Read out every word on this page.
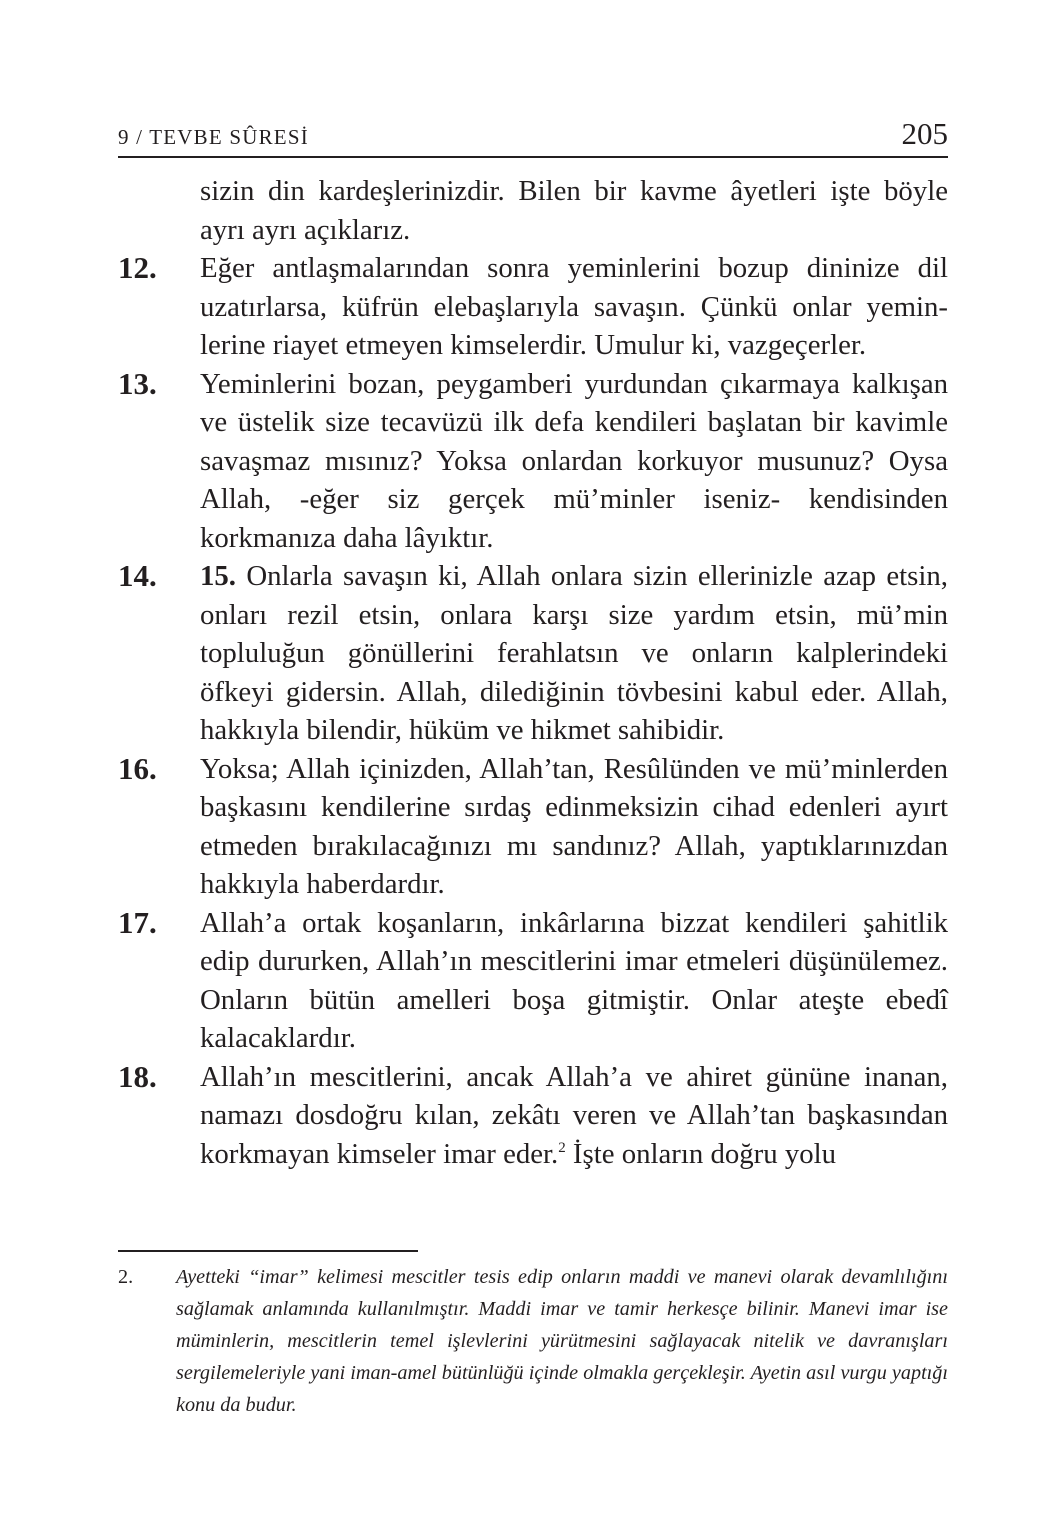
9 / TEVBE SÛRESİ	205

sizin din kardeşlerinizdir. Bilen bir kavme âyetleri işte böyle ayrı ayrı açıklarız.

12. Eğer antlaşmalarından sonra yeminlerini bozup dininize dil uzatırlarsa, küfrün elebaşlarıyla savaşın. Çünkü onlar yeminlerine riayet etmeyen kimselerdir. Umulur ki, vazgeçerler.

13. Yeminlerini bozan, peygamberi yurdundan çıkarmaya kalkışan ve üstelik size tecavüzü ilk defa kendileri başlatan bir kavimle savaşmaz mısınız? Yoksa onlardan korkuyor musunuz? Oysa Allah, -eğer siz gerçek mü’minler iseniz- kendisinden korkmanıza daha lâyıktır.

14. 15. Onlarla savaşın ki, Allah onlara sizin ellerinizle azap etsin, onları rezil etsin, onlara karşı size yardım etsin, mü’min topluluğun gönüllerini ferahlatsın ve onların kalplerindeki öfkeyi gidersin. Allah, dilediğinin tövbesini kabul eder. Allah, hakkıyla bilendir, hüküm ve hikmet sahibidir.

16. Yoksa; Allah içinizden, Allah’tan, Resûlünden ve mü’minlerden başkasını kendilerine sırdaş edinmeksizin cihad edenleri ayırt etmeden bırakılacağınızı mı sandınız? Allah, yaptıklarınızdan hakkıyla haberdardır.

17. Allah’a ortak koşanların, inkârlarına bizzat kendileri şahitlik edip dururken, Allah’ın mescitlerini imar etmeleri düşünülemez. Onların bütün amelleri boşa gitmiştir. Onlar ateşte ebedî kalacaklardır.

18. Allah’ın mescitlerini, ancak Allah’a ve ahiret gününe inanan, namazı dosdoğru kılan, zekâtı veren ve Allah’tan başkasından korkmayan kimseler imar eder.$^2$ İşte onların doğru yolu

2.	Ayetteki “imar” kelimesi mescitler tesis edip onların maddi ve manevi olarak devamlılığını sağlamak anlamında kullanılmıştır. Maddi imar ve tamir herkesçe bilinir. Manevi imar ise müminlerin, mescitlerin temel işlevlerini yürütmesini sağlayacak nitelik ve davranışları sergilemeleriyle yani iman-amel bütünlüğü içinde olmakla gerçekleşir. Ayetin asıl vurgu yaptığı konu da budur.
